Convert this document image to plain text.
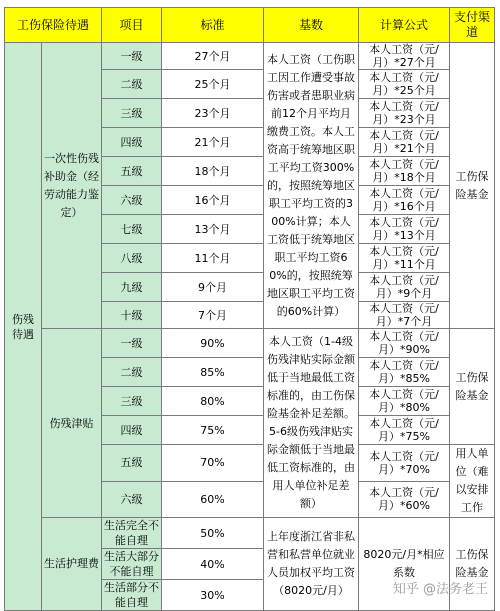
工伤保险待遇		项目	标准	基数	计算公式	支付渠道
伤残待遇	一次性伤残补助金（经劳动能力鉴定）	一级	27个月	本人工资（工伤职工因工作遭受事故伤害或者患职业病前12个月平均月缴费工资。本人工资高于统筹地区职工平均工资300%的，按照统筹地区职工平均工资的300%计算；本人工资低于统筹地区职工平均工资60%的，按照统筹地区职工平均工资的60%计算）	本人工资（元/月）*27个月	工伤保险基金
		二级	25个月		本人工资（元/月）*25个月	
		三级	23个月		本人工资（元/月）*23个月	
		四级	21个月		本人工资（元/月）*21个月	
		五级	18个月		本人工资（元/月）*18个月	
		六级	16个月		本人工资（元/月）*16个月	
		七级	13个月		本人工资（元/月）*13个月	
		八级	11个月		本人工资（元/月）*11个月	
		九级	9个月		本人工资（元/月）*9个月	
		十级	7个月		本人工资（元/月）*7个月	
	伤残津贴	一级	90%	本人工资（1-4级伤残津贴实际金额低于当地最低工资标准的，由工伤保险基金补足差额。5-6级伤残津贴实际金额低于当地最低工资标准的，由用人单位补足差额）	本人工资（元/月）*90%	工伤保险基金
		二级	85%		本人工资（元/月）*85%	
		三级	80%		本人工资（元/月）*80%	
		四级	75%		本人工资（元/月）*75%	
		五级	70%		本人工资（元/月）*70%	用人单位（难以安排工作
		六级	60%		本人工资（元/月）*60%	
	生活护理费	生活完全不能自理	50%	上年度浙江省非私营和私营单位就业人员加权平均工资（8020元/月）	8020元/月*相应系数	工伤保险基金
		生活大部分不能自理	40%			
		生活部分不能自理	30%				知乎 @法务老王
